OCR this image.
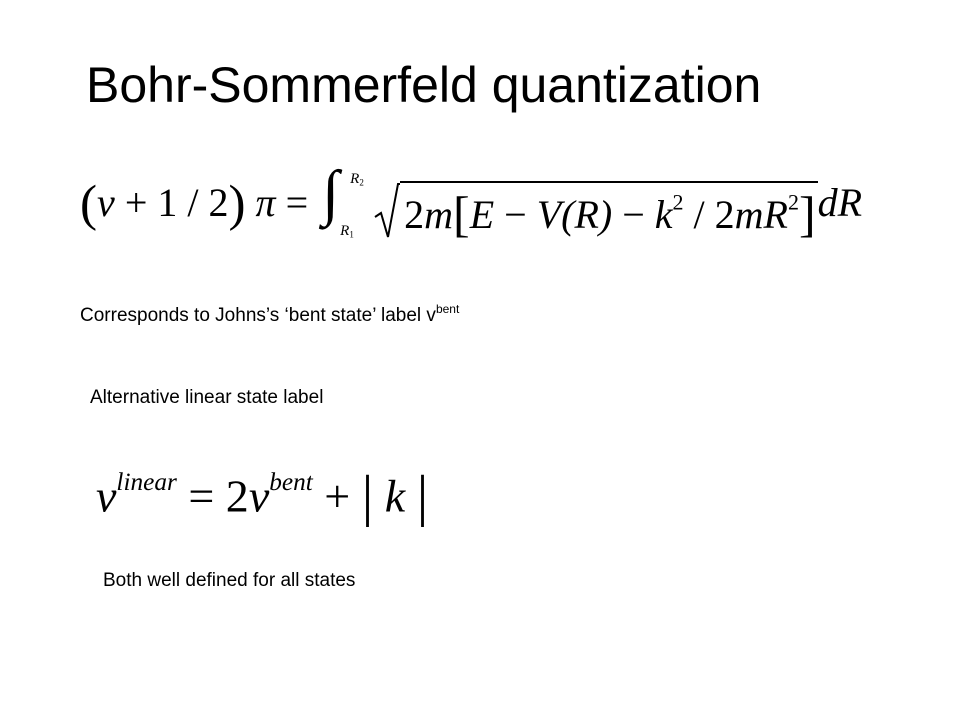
Bohr-Sommerfeld quantization
(v + 1 / 2) π = ∫ $R_2$
$R_1$ $2m[E - V(R) - k^2 / 2mR^2]dR$
Corresponds to Johns’s ‘bent state’ label $v^{bent}$
Alternative linear state label
$v^{linear} = 2v^{bent}$ + | k |
Both well defined for all states
